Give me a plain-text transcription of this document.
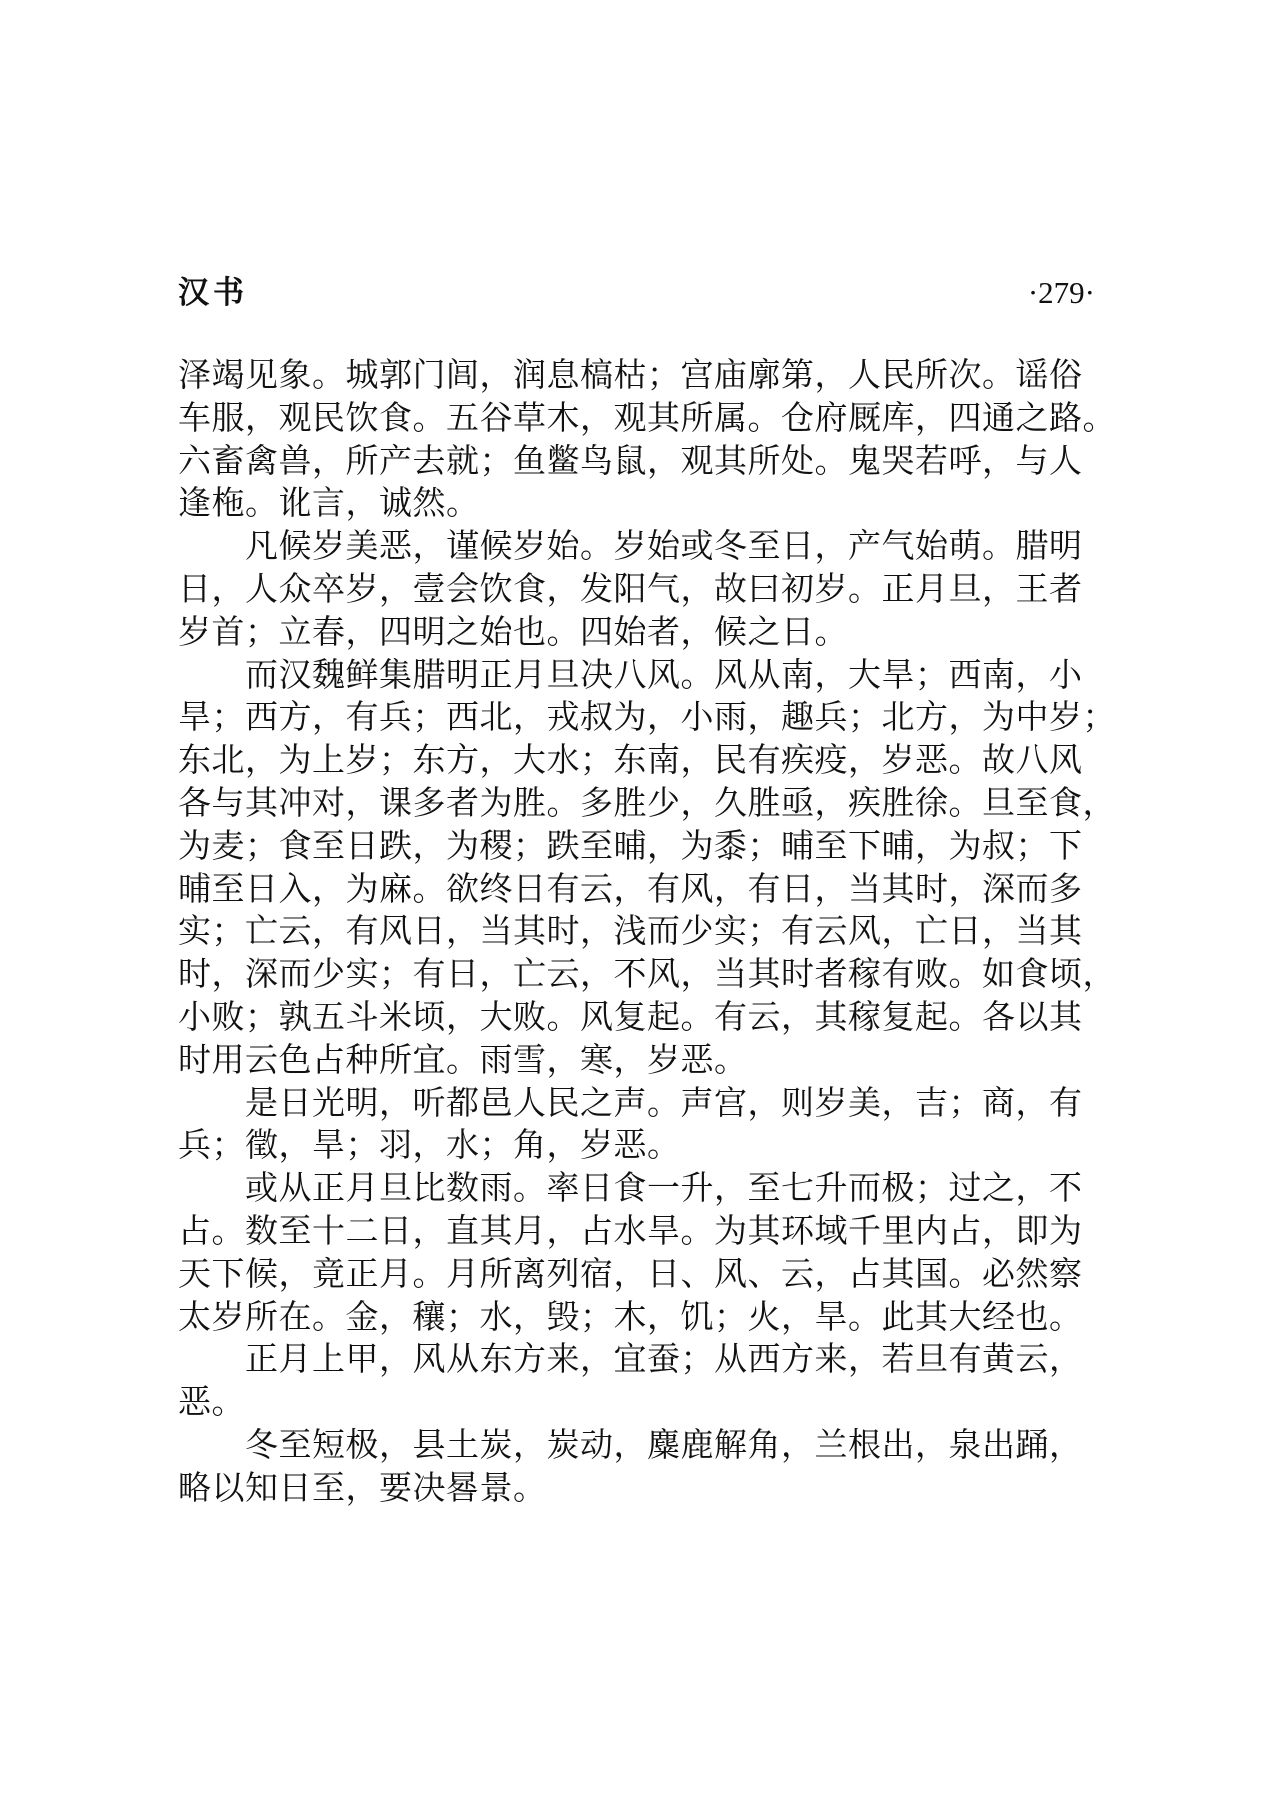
汉书	·279·

泽竭见象。城郭门闾，润息槁枯；宫庙廓第，人民所次。谣俗
车服，观民饮食。五谷草木，观其所属。仓府厩库，四通之路。
六畜禽兽，所产去就；鱼鳖鸟鼠，观其所处。鬼哭若呼，与人
逢柂。讹言，诚然。

凡候岁美恶，谨候岁始。岁始或冬至日，产气始萌。腊明
日，人众卒岁，壹会饮食，发阳气，故曰初岁。正月旦，王者
岁首；立春，四明之始也。四始者，候之日。

而汉魏鲜集腊明正月旦决八风。风从南，大旱；西南，小
旱；西方，有兵；西北，戎叔为，小雨，趣兵；北方，为中岁；
东北，为上岁；东方，大水；东南，民有疾疫，岁恶。故八风
各与其冲对，课多者为胜。多胜少，久胜亟，疾胜徐。旦至食，
为麦；食至日跌，为稷；跌至晡，为黍；晡至下晡，为叔；下
晡至日入，为麻。欲终日有云，有风，有日，当其时，深而多
实；亡云，有风日，当其时，浅而少实；有云风，亡日，当其
时，深而少实；有日，亡云，不风，当其时者稼有败。如食顷，
小败；孰五斗米顷，大败。风复起。有云，其稼复起。各以其
时用云色占种所宜。雨雪，寒，岁恶。

是日光明，听都邑人民之声。声宫，则岁美，吉；商，有
兵；徵，旱；羽，水；角，岁恶。

或从正月旦比数雨。率日食一升，至七升而极；过之，不
占。数至十二日，直其月，占水旱。为其环域千里内占，即为
天下候，竟正月。月所离列宿，日、风、云，占其国。必然察
太岁所在。金，穰；水，毁；木，饥；火，旱。此其大经也。

正月上甲，风从东方来，宜蚕；从西方来，若旦有黄云，
恶。

冬至短极，县土炭，炭动，麋鹿解角，兰根出，泉出踊，
略以知日至，要决晷景。
